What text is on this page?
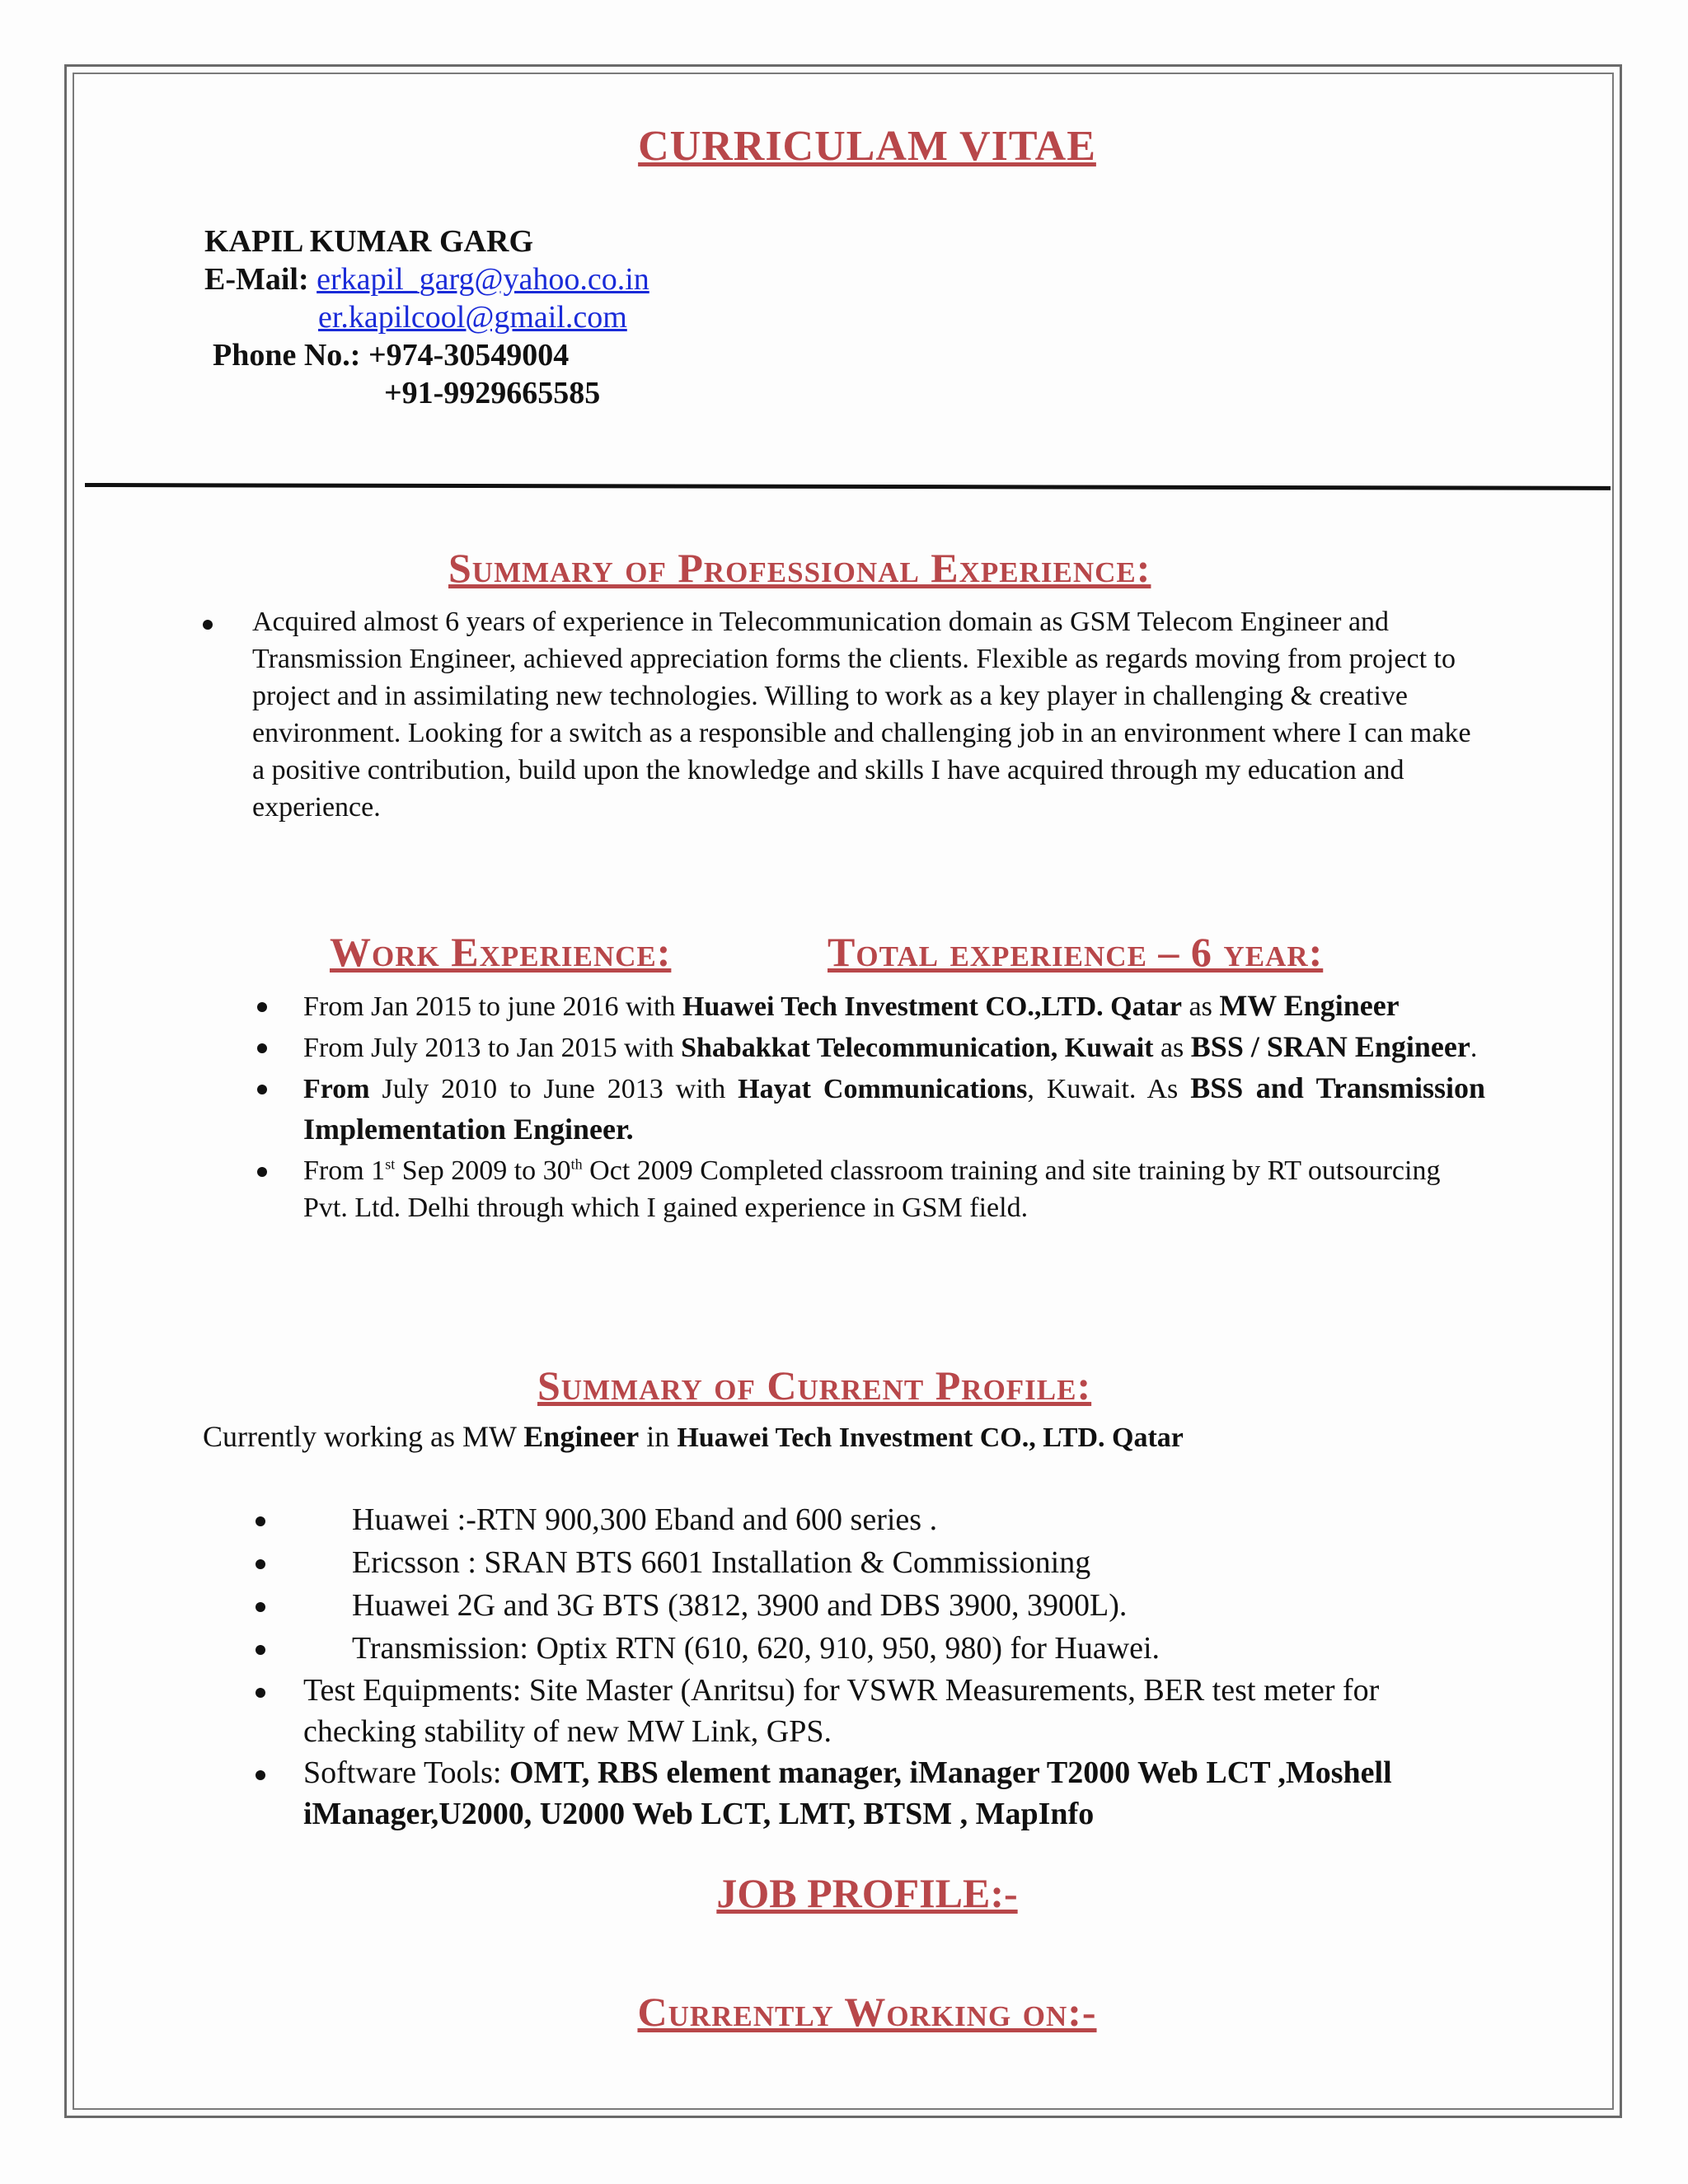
CURRICULAM VITAE
KAPIL KUMAR GARG
E-Mail: erkapil_garg@yahoo.co.in
er.kapilcool@gmail.com
Phone No.: +974-30549004
+91-9929665585
Summary of Professional Experience:
Acquired almost 6 years of experience in Telecommunication domain as GSM Telecom Engineer and Transmission Engineer, achieved appreciation forms the clients. Flexible as regards moving from project to project and in assimilating new technologies. Willing to work as a key player in challenging & creative environment. Looking for a switch as a responsible and challenging job in an environment where I can make a positive contribution, build upon the knowledge and skills I have acquired through my education and experience.
Work Experience:	Total experience – 6 year:
From Jan 2015 to june 2016 with Huawei Tech Investment CO.,LTD. Qatar as MW Engineer
From July 2013 to Jan 2015 with Shabakkat Telecommunication, Kuwait as BSS / SRAN Engineer.
From July 2010 to June 2013 with Hayat Communications, Kuwait. As BSS and Transmission Implementation Engineer.
From 1st Sep 2009 to 30th Oct 2009 Completed classroom training and site training by RT outsourcing Pvt. Ltd. Delhi through which I gained experience in GSM field.
Summary of Current Profile:
Currently working as MW Engineer in Huawei Tech Investment CO., LTD. Qatar
Huawei :-RTN 900,300 Eband and 600 series .
Ericsson : SRAN BTS 6601 Installation & Commissioning
Huawei 2G and 3G BTS (3812, 3900 and DBS 3900, 3900L).
Transmission: Optix RTN (610, 620, 910, 950, 980) for Huawei.
Test Equipments: Site Master (Anritsu) for VSWR Measurements, BER test meter for checking stability of new MW Link, GPS.
Software Tools: OMT, RBS element manager, iManager T2000 Web LCT ,Moshell iManager,U2000, U2000 Web LCT, LMT, BTSM , MapInfo
JOB PROFILE:-
Currently Working on:-
